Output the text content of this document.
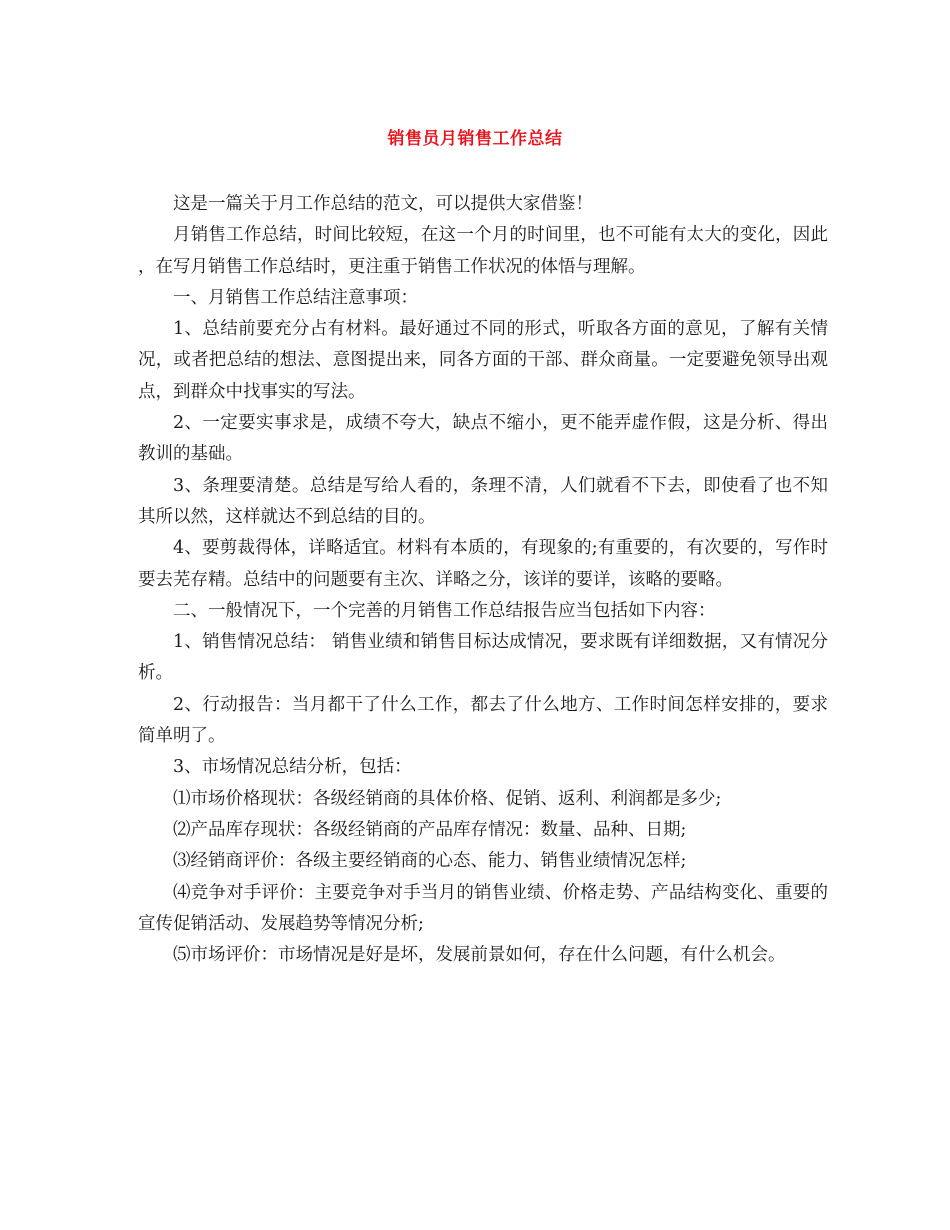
销售员月销售工作总结

这是一篇关于月工作总结的范文，可以提供大家借鉴！

月销售工作总结，时间比较短，在这一个月的时间里，也不可能有太大的变化，因此，在写月销售工作总结时，更注重于销售工作状况的体悟与理解。

一、月销售工作总结注意事项：

1、总结前要充分占有材料。最好通过不同的形式，听取各方面的意见，了解有关情况，或者把总结的想法、意图提出来，同各方面的干部、群众商量。一定要避免领导出观点，到群众中找事实的写法。

2、一定要实事求是，成绩不夸大，缺点不缩小，更不能弄虚作假，这是分析、得出教训的基础。

3、条理要清楚。总结是写给人看的，条理不清，人们就看不下去，即使看了也不知其所以然，这样就达不到总结的目的。

4、要剪裁得体，详略适宜。材料有本质的，有现象的;有重要的，有次要的，写作时要去芜存精。总结中的问题要有主次、详略之分，该详的要详，该略的要略。

二、一般情况下，一个完善的月销售工作总结报告应当包括如下内容：

1、销售情况总结： 销售业绩和销售目标达成情况，要求既有详细数据，又有情况分析。

2、行动报告：当月都干了什么工作，都去了什么地方、工作时间怎样安排的，要求简单明了。

3、市场情况总结分析，包括：

⑴市场价格现状：各级经销商的具体价格、促销、返利、利润都是多少;

⑵产品库存现状：各级经销商的产品库存情况：数量、品种、日期;

⑶经销商评价：各级主要经销商的心态、能力、销售业绩情况怎样;

⑷竞争对手评价：主要竞争对手当月的销售业绩、价格走势、产品结构变化、重要的宣传促销活动、发展趋势等情况分析;

⑸市场评价：市场情况是好是坏，发展前景如何，存在什么问题，有什么机会。
